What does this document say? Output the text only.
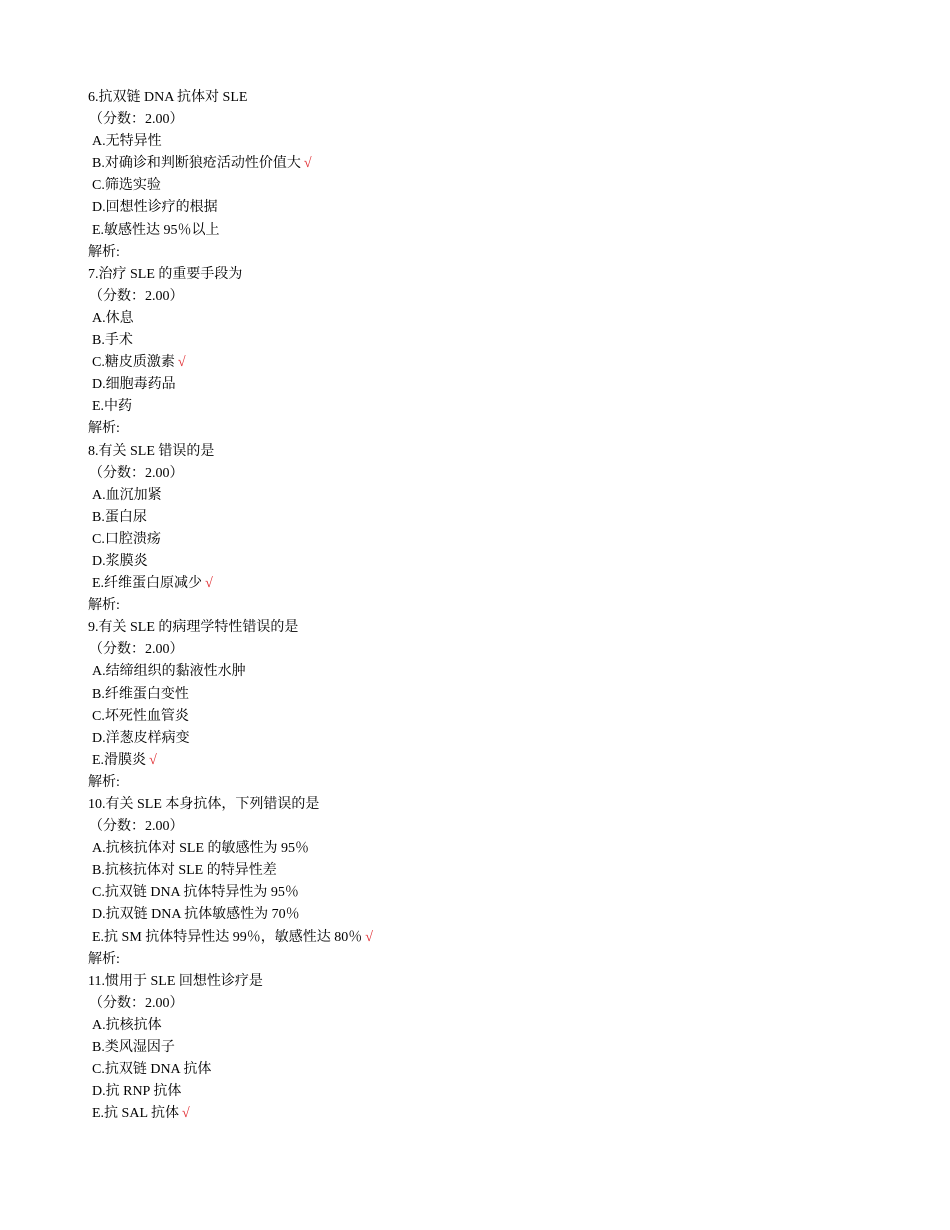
6.抗双链 DNA 抗体对 SLE
（分数：2.00）
A.无特异性
B.对确诊和判断狼疮活动性价值大 √
C.筛选实验
D.回想性诊疗的根据
E.敏感性达 95％以上
解析:
7.治疗 SLE 的重要手段为
（分数：2.00）
A.休息
B.手术
C.糖皮质激素 √
D.细胞毒药品
E.中药
解析:
8.有关 SLE 错误的是
（分数：2.00）
A.血沉加紧
B.蛋白尿
C.口腔溃疡
D.浆膜炎
E.纤维蛋白原减少 √
解析:
9.有关 SLE 的病理学特性错误的是
（分数：2.00）
A.结缔组织的黏液性水肿
B.纤维蛋白变性
C.坏死性血管炎
D.洋葱皮样病变
E.滑膜炎 √
解析:
10.有关 SLE 本身抗体，下列错误的是
（分数：2.00）
A.抗核抗体对 SLE 的敏感性为 95％
B.抗核抗体对 SLE 的特异性差
C.抗双链 DNA 抗体特异性为 95％
D.抗双链 DNA 抗体敏感性为 70％
E.抗 SM 抗体特异性达 99％，敏感性达 80％ √
解析:
11.惯用于 SLE 回想性诊疗是
（分数：2.00）
A.抗核抗体
B.类风湿因子
C.抗双链 DNA 抗体
D.抗 RNP 抗体
E.抗 SAL 抗体 √
